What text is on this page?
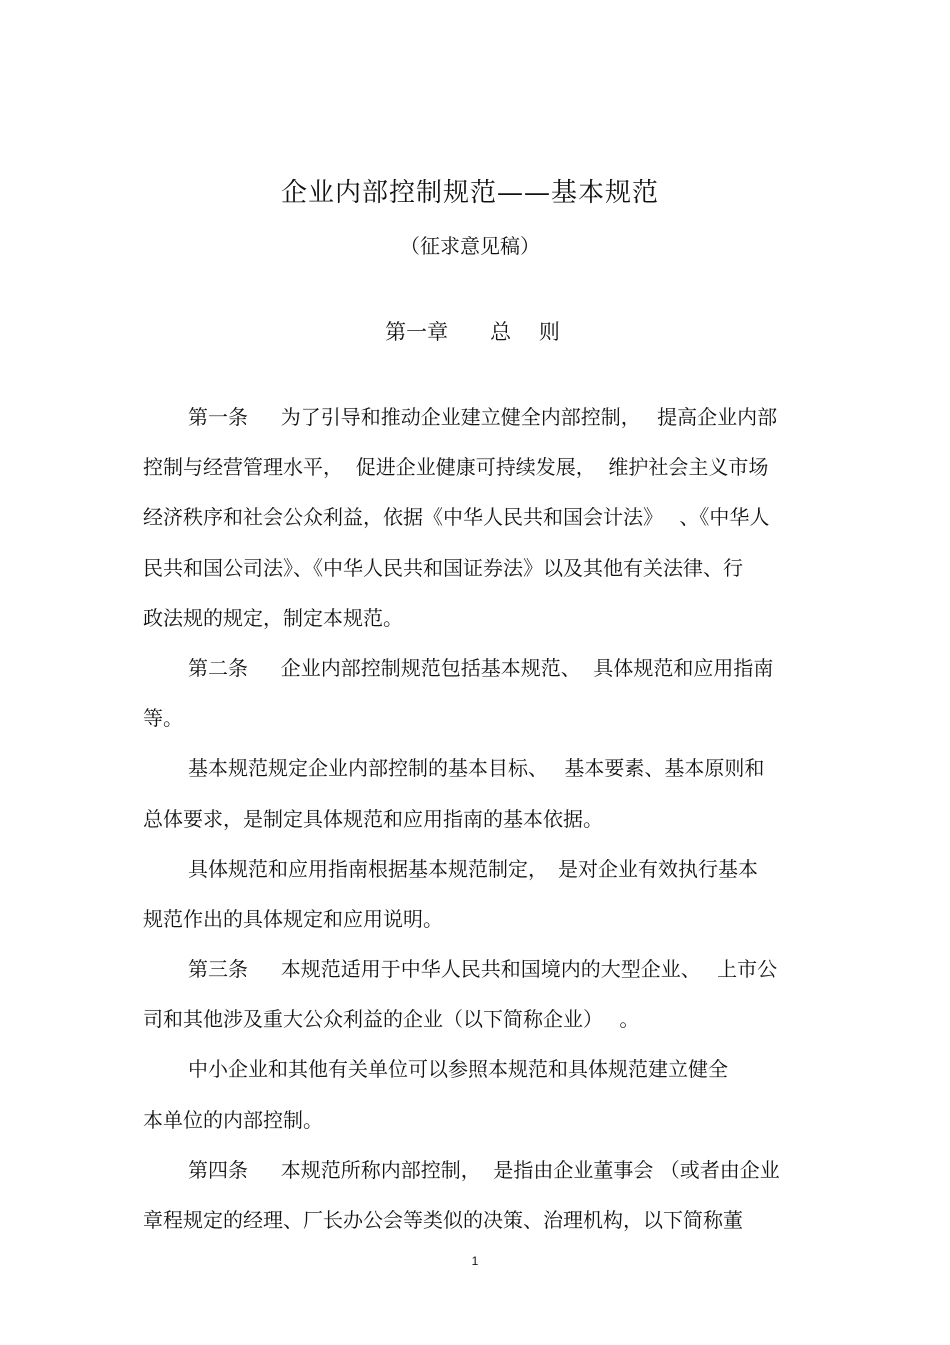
企业内部控制规范——基本规范
（征求意见稿）
第一章　　总　 则
第一条　  为了引导和推动企业建立健全内部控制，　 提高企业内部
控制与经营管理水平，  促进企业健康可持续发展，  维护社会主义市场
经济秩序和社会公众利益，依据《中华人民共和国会计法》　 、《中华人
民共和国公司法》、《中华人民共和国证券法》以及其他有关法律、行
政法规的规定，制定本规范。
第二条　  企业内部控制规范包括基本规范、  具体规范和应用指南
等。
基本规范规定企业内部控制的基本目标、　 基本要素、基本原则和
总体要求，是制定具体规范和应用指南的基本依据。
具体规范和应用指南根据基本规范制定，　是对企业有效执行基本
规范作出的具体规定和应用说明。
第三条　  本规范适用于中华人民共和国境内的大型企业、　 上市公
司和其他涉及重大公众利益的企业（以下简称企业）　 。
中小企业和其他有关单位可以参照本规范和具体规范建立健全
本单位的内部控制。
第四条　  本规范所称内部控制，  是指由企业董事会 （或者由企业
章程规定的经理、厂长办公会等类似的决策、治理机构，以下简称董
1
